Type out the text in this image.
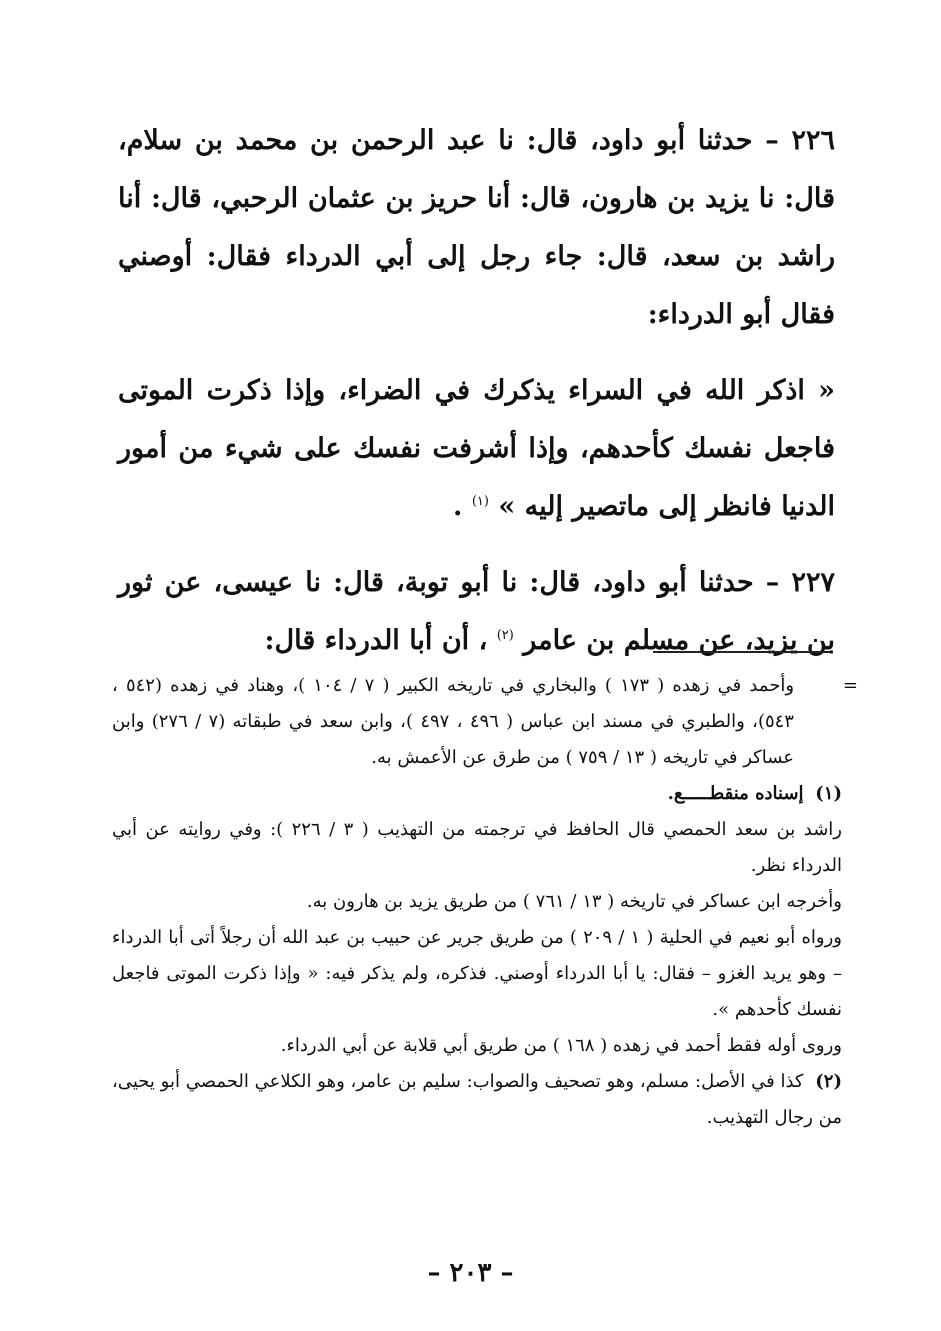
٢٢٦ – حدثنا أبو داود، قال: نا عبد الرحمن بن محمد بن سلام، قال: نا يزيد بن هارون، قال: أنا حريز بن عثمان الرحبي، قال: أنا راشد بن سعد، قال: جاء رجل إلى أبي الدرداء فقال: أوصني فقال أبو الدرداء:

« اذكر الله في السراء يذكرك في الضراء، وإذا ذكرت الموتى فاجعل نفسك كأحدهم، وإذا أشرفت نفسك على شيء من أمور الدنيا فانظر إلى ماتصير إليه » $^{(١)}$ .

٢٢٧ – حدثنا أبو داود، قال: نا أبو توبة، قال: نا عيسى، عن ثور بن يزيد، عن مسلم بن عامر $^{(٢)}$ ، أن أبا الدرداء قال:

=
وأحمد في زهده ( ١٧٣ ) والبخاري في تاريخه الكبير ( ٧ / ١٠٤ )، وهناد في زهده (٥٤٢ ، ٥٤٣)، والطبري في مسند ابن عباس ( ٤٩٦ ، ٤٩٧ )، وابن سعد في طبقاته (٧ / ٢٧٦) وابن عساكر في تاريخه ( ١٣ / ٧٥٩ ) من طرق عن الأعمش به.

(١) إسناده منقطـــــع.

راشد بن سعد الحمصي قال الحافظ في ترجمته من التهذيب ( ٣ / ٢٢٦ ): وفي روايته عن أبي الدرداء نظر.

وأخرجه ابن عساكر في تاريخه ( ١٣ / ٧٦١ ) من طريق يزيد بن هارون به.

ورواه أبو نعيم في الحلية ( ١ / ٢٠٩ ) من طريق جرير عن حبيب بن عبد الله أن رجلاً أتى أبا الدرداء – وهو يريد الغزو – فقال: يا أبا الدرداء أوصني. فذكره، ولم يذكر فيه: « وإذا ذكرت الموتى فاجعل نفسك كأحدهم ».

وروى أوله فقط أحمد في زهده ( ١٦٨ ) من طريق أبي قلابة عن أبي الدرداء.

(٢) كذا في الأصل: مسلم، وهو تصحيف والصواب: سليم بن عامر، وهو الكلاعي الحمصي أبو يحيى، من رجال التهذيب.

– ٢٠٣ –
